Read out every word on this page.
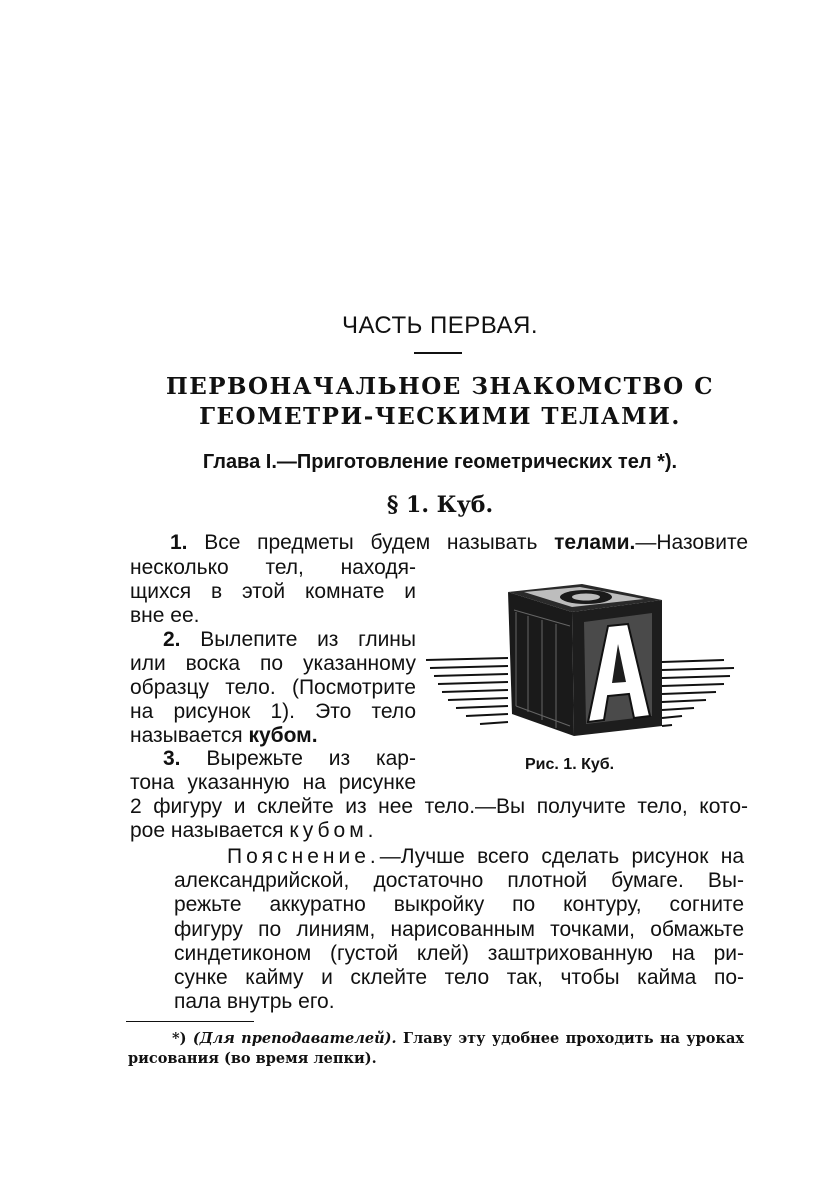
ЧАСТЬ ПЕРВАЯ.
ПЕРВОНАЧАЛЬНОЕ ЗНАКОМСТВО С ГЕОМЕТРИ-ЧЕСКИМИ ТЕЛАМИ.
Глава I.—Приготовление геометрических тел *).
§ 1. Куб.
1. Все предметы будем называть телами.—Назовите
несколько тел, находя-
щихся в этой комнате и
вне ее.
2. Вылепите из глины
или воска по указанному
образцу тело. (Посмотрите
на рисунок 1). Это тело
называется кубом.
3. Вырежьте из кар-
тона указанную на рисунке
2 фигуру и склейте из нее тело.—Вы получите тело, кото-
рое называется кубом.
A
Рис. 1. Куб.
Пояснение.—Лучше всего сделать рисунок на
александрийской, достаточно плотной бумаге. Вы-
режьте аккуратно выкройку по контуру, согните
фигуру по линиям, нарисованным точками, обмажьте
синдетиконом (густой клей) заштрихованную на ри-
сунке кайму и склейте тело так, чтобы кайма по-
пала внутрь его.
*) (Для преподавателей). Главу эту удобнее проходить на уроках
рисования (во время лепки).
